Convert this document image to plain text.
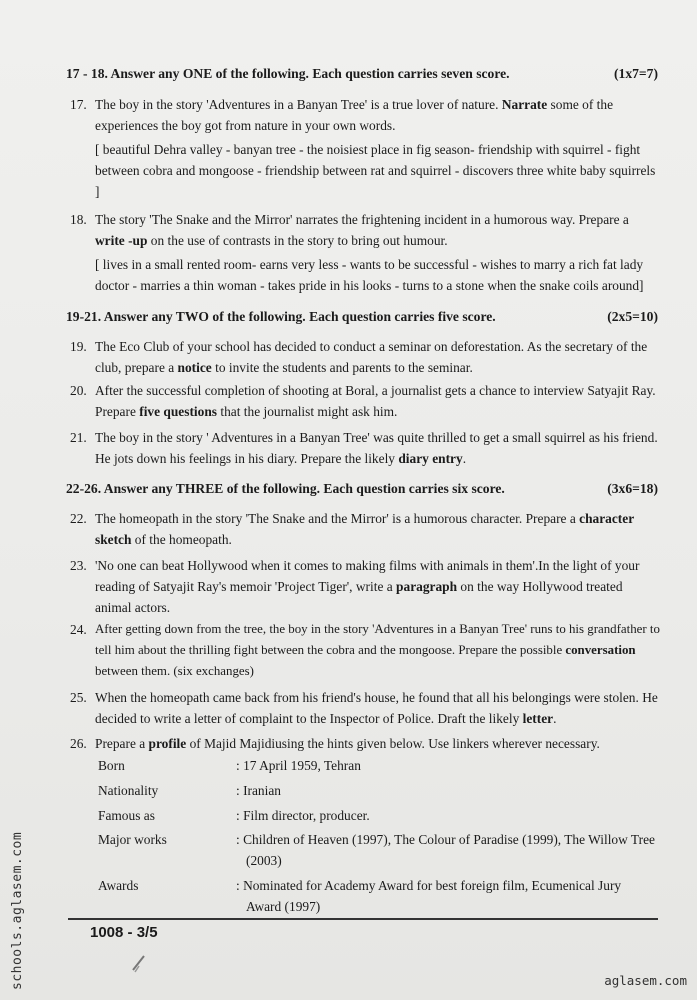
17 - 18. Answer any ONE of the following. Each question carries seven score.	(1x7=7)
17. The boy in the story 'Adventures in a Banyan Tree' is a true lover of nature. Narrate some of the experiences the boy got from nature in your own words.
[ beautiful Dehra valley - banyan tree - the noisiest place in fig season- friendship with squirrel - fight between cobra and mongoose - friendship between rat and squirrel - discovers three white baby squirrels ]
18. The story 'The Snake and the Mirror' narrates the frightening incident in a humorous way. Prepare a write -up on the use of contrasts in the story to bring out humour.
[ lives in a small rented room- earns very less - wants to be successful - wishes to marry a rich fat lady doctor - marries a thin woman - takes pride in his looks - turns to a stone when the snake coils around]
19-21. Answer any TWO of the following. Each question carries five score.	(2x5=10)
19. The Eco Club of your school has decided to conduct a seminar on deforestation. As the secretary of the club, prepare a notice to invite the students and parents to the seminar.
20. After the successful completion of shooting at Boral, a journalist gets a chance to interview Satyajit Ray. Prepare five questions that the journalist might ask him.
21. The boy in the story ' Adventures in a Banyan Tree' was quite thrilled to get a small squirrel as his friend. He jots down his feelings in his diary. Prepare the likely diary entry.
22-26. Answer any THREE of the following. Each question carries six score.	(3x6=18)
22. The homeopath in the story 'The Snake and the Mirror' is a humorous character. Prepare a character sketch of the homeopath.
23. 'No one can beat Hollywood when it comes to making films with animals in them'.In the light of your reading of Satyajit Ray's memoir 'Project Tiger', write a paragraph on the way Hollywood treated animal actors.
24. After getting down from the tree, the boy in the story 'Adventures in a Banyan Tree' runs to his grandfather to tell him about the thrilling fight between the cobra and the mongoose. Prepare the possible conversation between them. (six exchanges)
25. When the homeopath came back from his friend's house, he found that all his belongings were stolen. He decided to write a letter of complaint to the Inspector of Police. Draft the likely letter.
26. Prepare a profile of Majid Majidiusing the hints given below. Use linkers wherever necessary.
Born	: 17 April 1959, Tehran
Nationality	: Iranian
Famous as	: Film director, producer.
Major works	: Children of Heaven (1997), The Colour of Paradise (1999), The Willow Tree (2003)
Awards	: Nominated for Academy Award for best foreign film, Ecumenical Jury Award (1997)
1008 - 3/5
schools.aglasem.com	aglasem.com
